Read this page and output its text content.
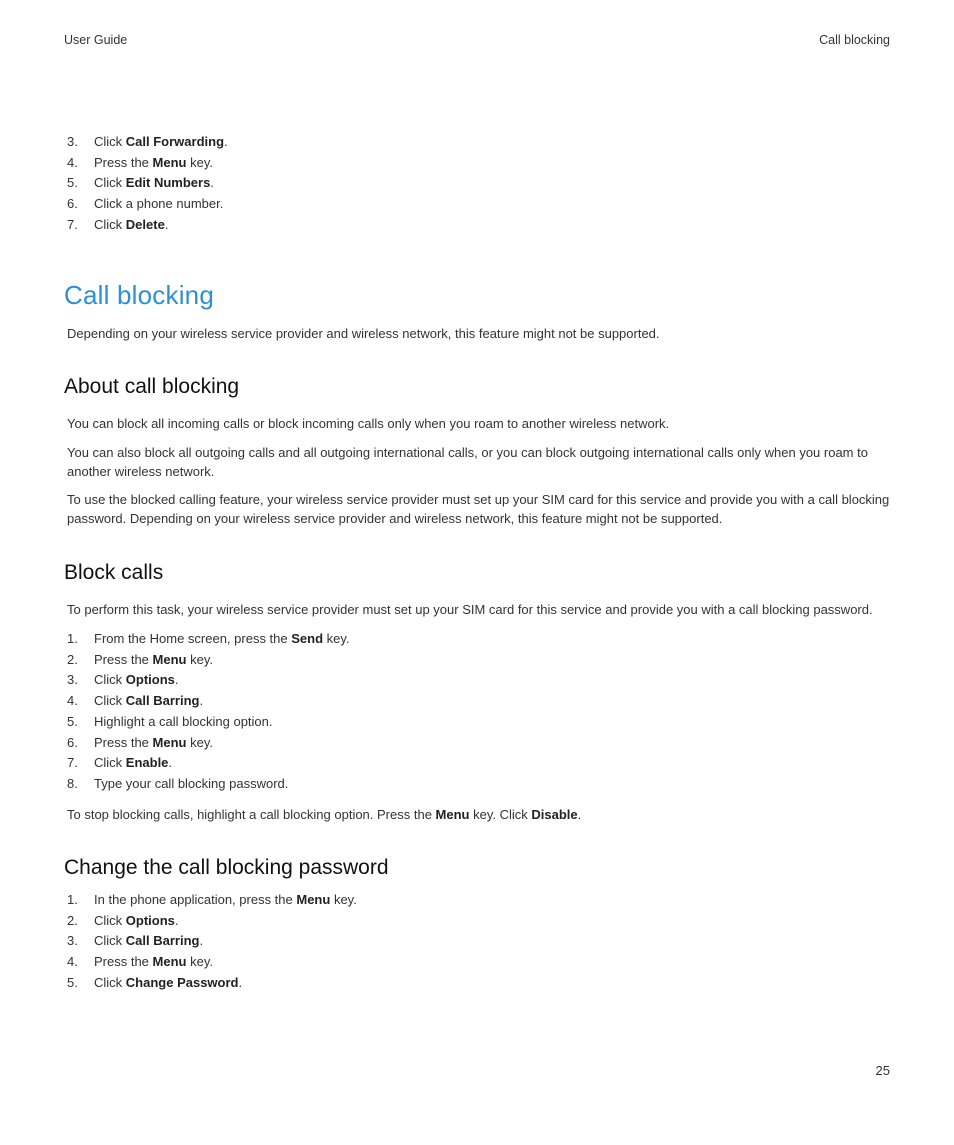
User Guide	Call blocking
3.	Click Call Forwarding.
4.	Press the Menu key.
5.	Click Edit Numbers.
6.	Click a phone number.
7.	Click Delete.
Call blocking

Depending on your wireless service provider and wireless network, this feature might not be supported.

About call blocking

You can block all incoming calls or block incoming calls only when you roam to another wireless network.

You can also block all outgoing calls and all outgoing international calls, or you can block outgoing international calls only when you roam to another wireless network.

To use the blocked calling feature, your wireless service provider must set up your SIM card for this service and provide you with a call blocking password. Depending on your wireless service provider and wireless network, this feature might not be supported.

Block calls

To perform this task, your wireless service provider must set up your SIM card for this service and provide you with a call blocking password.

1.	From the Home screen, press the Send key.
2.	Press the Menu key.
3.	Click Options.
4.	Click Call Barring.
5.	Highlight a call blocking option.
6.	Press the Menu key.
7.	Click Enable.
8.	Type your call blocking password.

To stop blocking calls, highlight a call blocking option. Press the Menu key. Click Disable.

Change the call blocking password
1.	In the phone application, press the Menu key.
2.	Click Options.
3.	Click Call Barring.
4.	Press the Menu key.
5.	Click Change Password.
25
